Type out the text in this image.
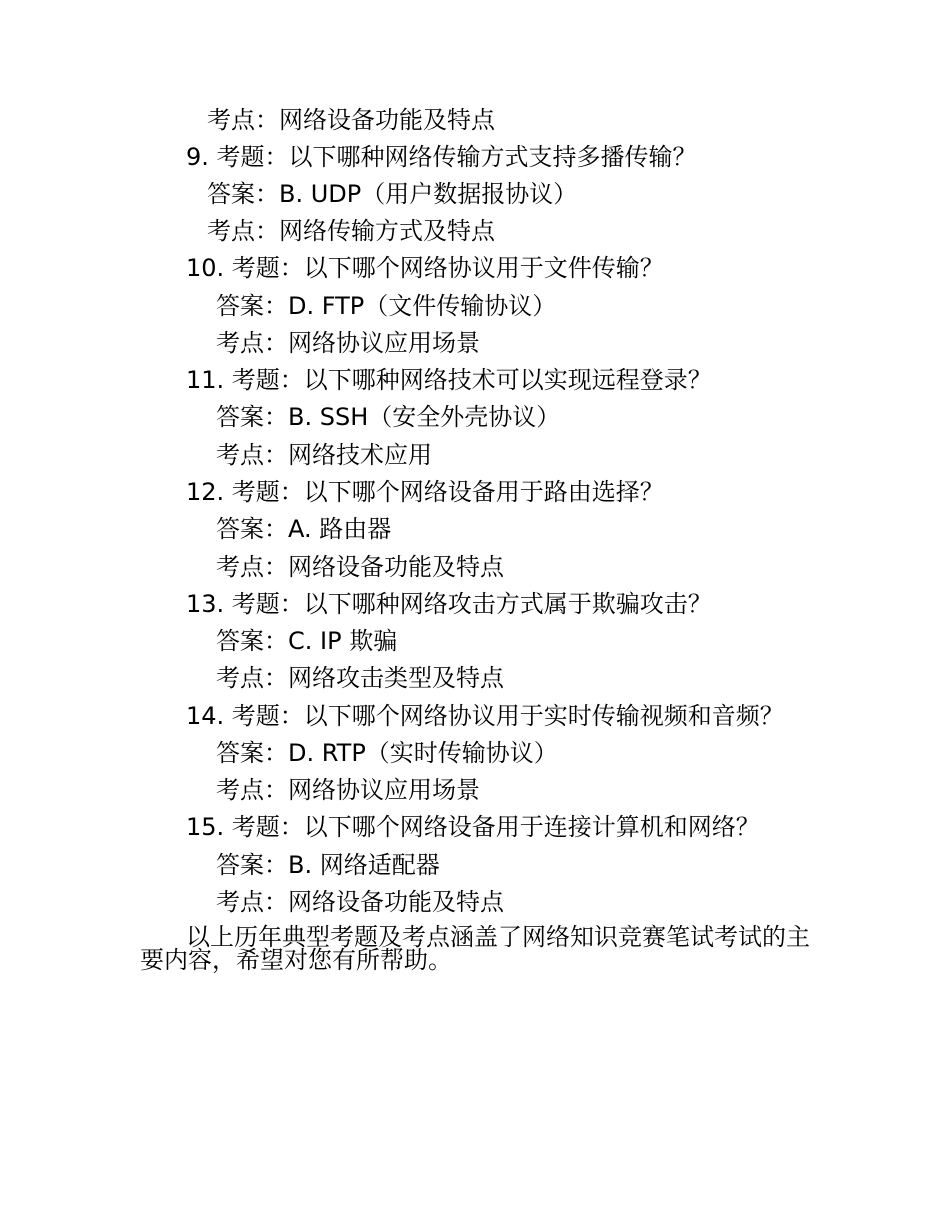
考点：网络设备功能及特点
9. 考题：以下哪种网络传输方式支持多播传输？
答案：B. UDP（用户数据报协议）
考点：网络传输方式及特点
10. 考题：以下哪个网络协议用于文件传输？
答案：D. FTP（文件传输协议）
考点：网络协议应用场景
11. 考题：以下哪种网络技术可以实现远程登录？
答案：B. SSH（安全外壳协议）
考点：网络技术应用
12. 考题：以下哪个网络设备用于路由选择？
答案：A. 路由器
考点：网络设备功能及特点
13. 考题：以下哪种网络攻击方式属于欺骗攻击？
答案：C. IP 欺骗
考点：网络攻击类型及特点
14. 考题：以下哪个网络协议用于实时传输视频和音频？
答案：D. RTP（实时传输协议）
考点：网络协议应用场景
15. 考题：以下哪个网络设备用于连接计算机和网络？
答案：B. 网络适配器
考点：网络设备功能及特点
以上历年典型考题及考点涵盖了网络知识竞赛笔试考试的主要内容，希望对您有所帮助。
